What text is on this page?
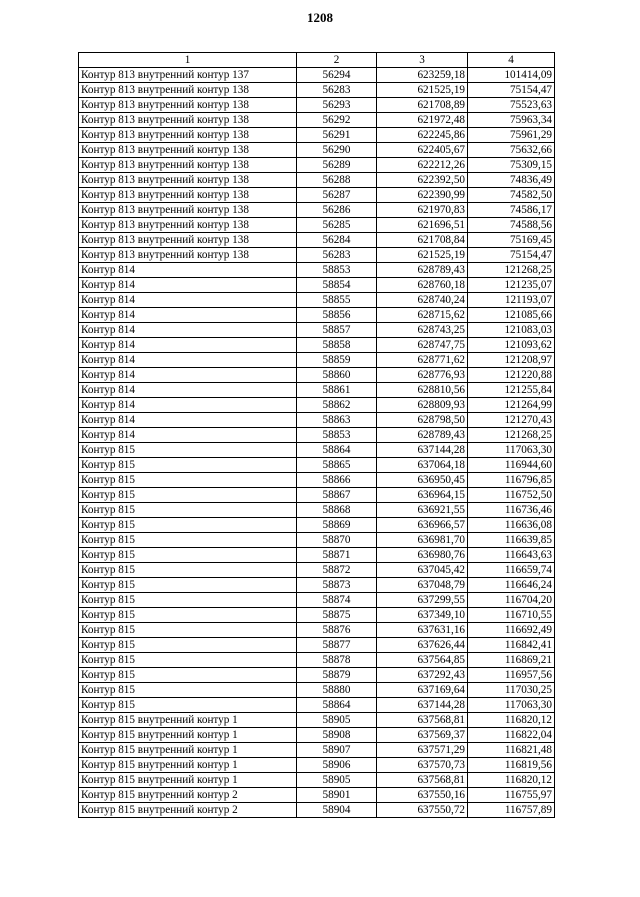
1208
1	2	3	4
Контур 813 внутренний контур 137	56294	623259,18	101414,09
Контур 813 внутренний контур 138	56283	621525,19	75154,47
Контур 813 внутренний контур 138	56293	621708,89	75523,63
Контур 813 внутренний контур 138	56292	621972,48	75963,34
Контур 813 внутренний контур 138	56291	622245,86	75961,29
Контур 813 внутренний контур 138	56290	622405,67	75632,66
Контур 813 внутренний контур 138	56289	622212,26	75309,15
Контур 813 внутренний контур 138	56288	622392,50	74836,49
Контур 813 внутренний контур 138	56287	622390,99	74582,50
Контур 813 внутренний контур 138	56286	621970,83	74586,17
Контур 813 внутренний контур 138	56285	621696,51	74588,56
Контур 813 внутренний контур 138	56284	621708,84	75169,45
Контур 813 внутренний контур 138	56283	621525,19	75154,47
Контур 814	58853	628789,43	121268,25
Контур 814	58854	628760,18	121235,07
Контур 814	58855	628740,24	121193,07
Контур 814	58856	628715,62	121085,66
Контур 814	58857	628743,25	121083,03
Контур 814	58858	628747,75	121093,62
Контур 814	58859	628771,62	121208,97
Контур 814	58860	628776,93	121220,88
Контур 814	58861	628810,56	121255,84
Контур 814	58862	628809,93	121264,99
Контур 814	58863	628798,50	121270,43
Контур 814	58853	628789,43	121268,25
Контур 815	58864	637144,28	117063,30
Контур 815	58865	637064,18	116944,60
Контур 815	58866	636950,45	116796,85
Контур 815	58867	636964,15	116752,50
Контур 815	58868	636921,55	116736,46
Контур 815	58869	636966,57	116636,08
Контур 815	58870	636981,70	116639,85
Контур 815	58871	636980,76	116643,63
Контур 815	58872	637045,42	116659,74
Контур 815	58873	637048,79	116646,24
Контур 815	58874	637299,55	116704,20
Контур 815	58875	637349,10	116710,55
Контур 815	58876	637631,16	116692,49
Контур 815	58877	637626,44	116842,41
Контур 815	58878	637564,85	116869,21
Контур 815	58879	637292,43	116957,56
Контур 815	58880	637169,64	117030,25
Контур 815	58864	637144,28	117063,30
Контур 815 внутренний контур 1	58905	637568,81	116820,12
Контур 815 внутренний контур 1	58908	637569,37	116822,04
Контур 815 внутренний контур 1	58907	637571,29	116821,48
Контур 815 внутренний контур 1	58906	637570,73	116819,56
Контур 815 внутренний контур 1	58905	637568,81	116820,12
Контур 815 внутренний контур 2	58901	637550,16	116755,97
Контур 815 внутренний контур 2	58904	637550,72	116757,89
